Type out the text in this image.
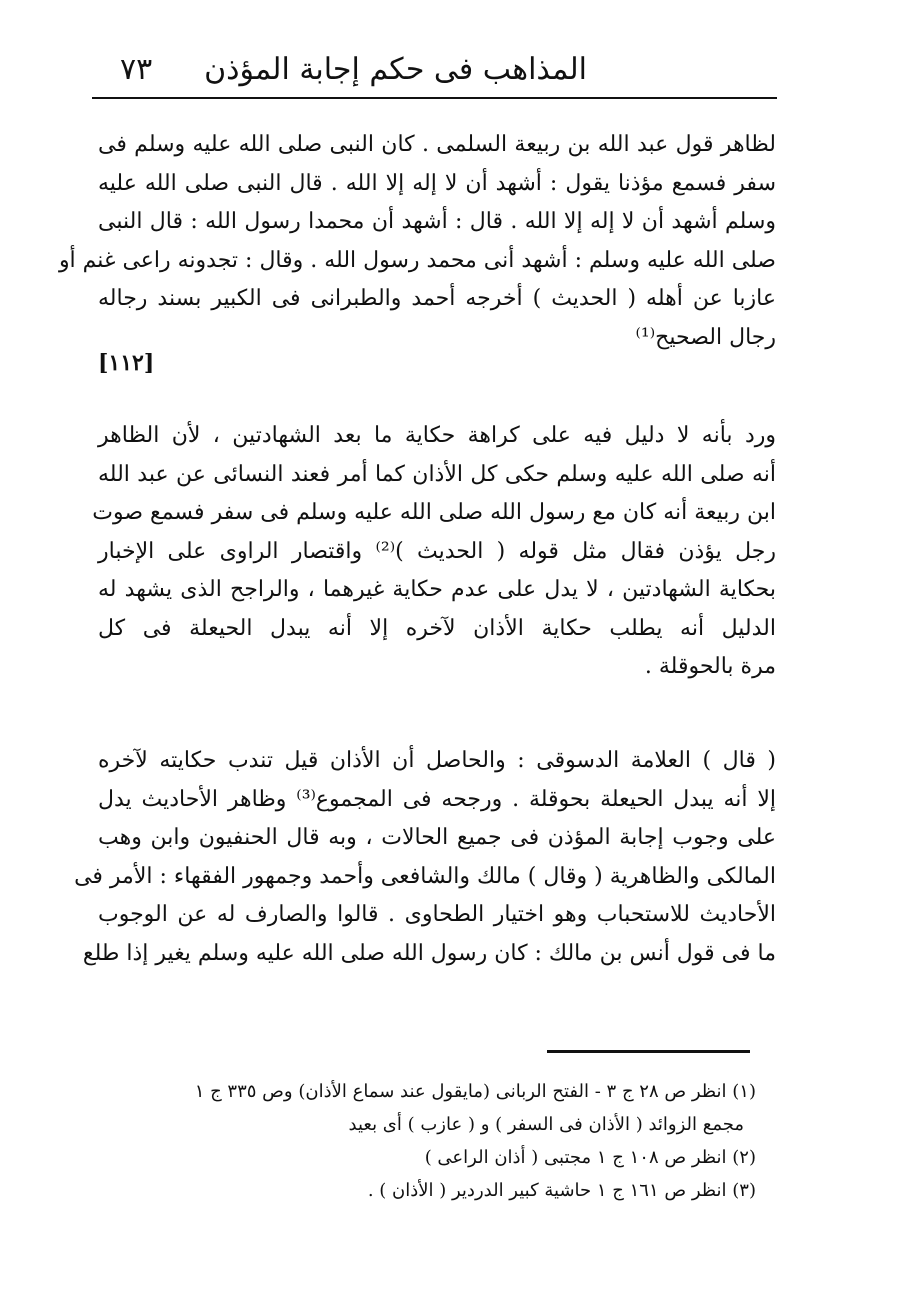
المذاهب فى حكم إجابة المؤذن
٧٣
لظاهر قول عبد الله بن ربيعة السلمى . كان النبى صلى الله عليه وسلم فى
سفر فسمع مؤذنا يقول : أشهد أن لا إله إلا الله . قال النبى صلى الله عليه
وسلم أشهد أن لا إله إلا الله . قال : أشهد أن محمدا رسول الله : قال النبى
صلى الله عليه وسلم : أشهد أنى محمد رسول الله . وقال : تجدونه راعى غنم أو
عازبا عن أهله ( الحديث ) أخرجه أحمد والطبرانى فى الكبير بسند رجاله
رجال الصحيح⁽¹⁾
[١١٢]
ورد بأنه لا دليل فيه على كراهة حكاية ما بعد الشهادتين ، لأن الظاهر
أنه صلى الله عليه وسلم حكى كل الأذان كما أمر فعند النسائى عن عبد الله
ابن ربيعة أنه كان مع رسول الله صلى الله عليه وسلم فى سفر فسمع صوت
رجل يؤذن فقال مثل قوله ( الحديث )⁽²⁾ واقتصار الراوى على الإخبار
بحكاية الشهادتين ، لا يدل على عدم حكاية غيرهما ، والراجح الذى يشهد له
الدليل أنه يطلب حكاية الأذان لآخره إلا أنه يبدل الحيعلة فى كل
مرة بالحوقلة .
( قال ) العلامة الدسوقى : والحاصل أن الأذان قيل تندب حكايته لآخره
إلا أنه يبدل الحيعلة بحوقلة . ورجحه فى المجموع⁽³⁾ وظاهر الأحاديث يدل
على وجوب إجابة المؤذن فى جميع الحالات ، وبه قال الحنفيون وابن وهب
المالكى والظاهرية ( وقال ) مالك والشافعى وأحمد وجمهور الفقهاء : الأمر فى
الأحاديث للاستحباب وهو اختيار الطحاوى . قالوا والصارف له عن الوجوب
ما فى قول أنس بن مالك : كان رسول الله صلى الله عليه وسلم يغير إذا طلع
(١) انظر ص ٢٨ ج ٣ - الفتح الربانى (مايقول عند سماع الأذان) وص ٣٣٥ ج ١
مجمع الزوائد ( الأذان فى السفر ) و ( عازب ) أى بعيد
(٢) انظر ص ١٠٨ ج ١ مجتبى ( أذان الراعى )
(٣) انظر ص ١٦١ ج ١ حاشية كبير الدردير ( الأذان ) .
